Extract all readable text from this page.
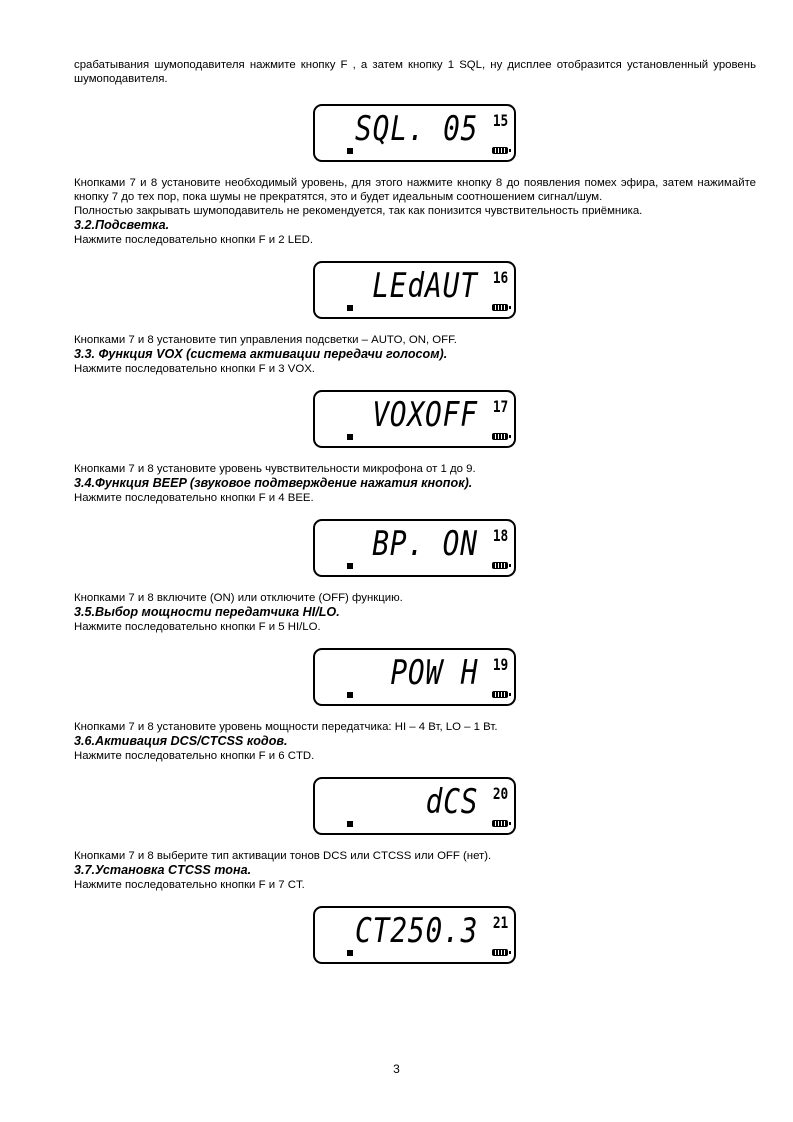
срабатывания шумоподавителя нажмите кнопку F , а затем кнопку 1 SQL, ну дисплее отобразится установленный уровень шумоподавителя.

SQL. 05 15

Кнопками 7 и 8 установите необходимый уровень, для этого нажмите кнопку 8 до появления помех эфира, затем нажимайте кнопку 7 до тех пор, пока шумы не прекратятся, это и будет идеальным соотношением сигнал/шум.

Полностью закрывать шумоподавитель не рекомендуется, так как понизится чувствительность приёмника.

3.2.Подсветка.

Нажмите последовательно кнопки F и 2 LED.

LEdAUT 16

Кнопками 7 и 8 установите тип управления подсветки – AUTO, ON, OFF.

3.3. Функция VOX (система активации передачи голосом).

Нажмите последовательно кнопки F и 3 VOX.

VOXOFF 17

Кнопками 7 и 8 установите уровень чувствительности микрофона от 1 до 9.

3.4.Функция BEEP (звуковое подтверждение нажатия кнопок).

Нажмите последовательно кнопки F и 4 BEE.

BP. ON 18

Кнопками 7 и 8 включите (ON) или отключите (OFF) функцию.

3.5.Выбор мощности передатчика HI/LO.

Нажмите последовательно кнопки F и 5 HI/LO.

POW H 19

Кнопками 7 и 8 установите уровень мощности передатчика: HI – 4 Вт, LO – 1 Вт.

3.6.Активация DCS/CTCSS кодов.

Нажмите последовательно кнопки F и 6 CTD.

dCS 20

Кнопками 7 и 8 выберите тип активации тонов DCS или CTCSS или OFF (нет).

3.7.Установка CTCSS тона.

Нажмите последовательно кнопки F и 7 CT.

CT250.3 21
3
